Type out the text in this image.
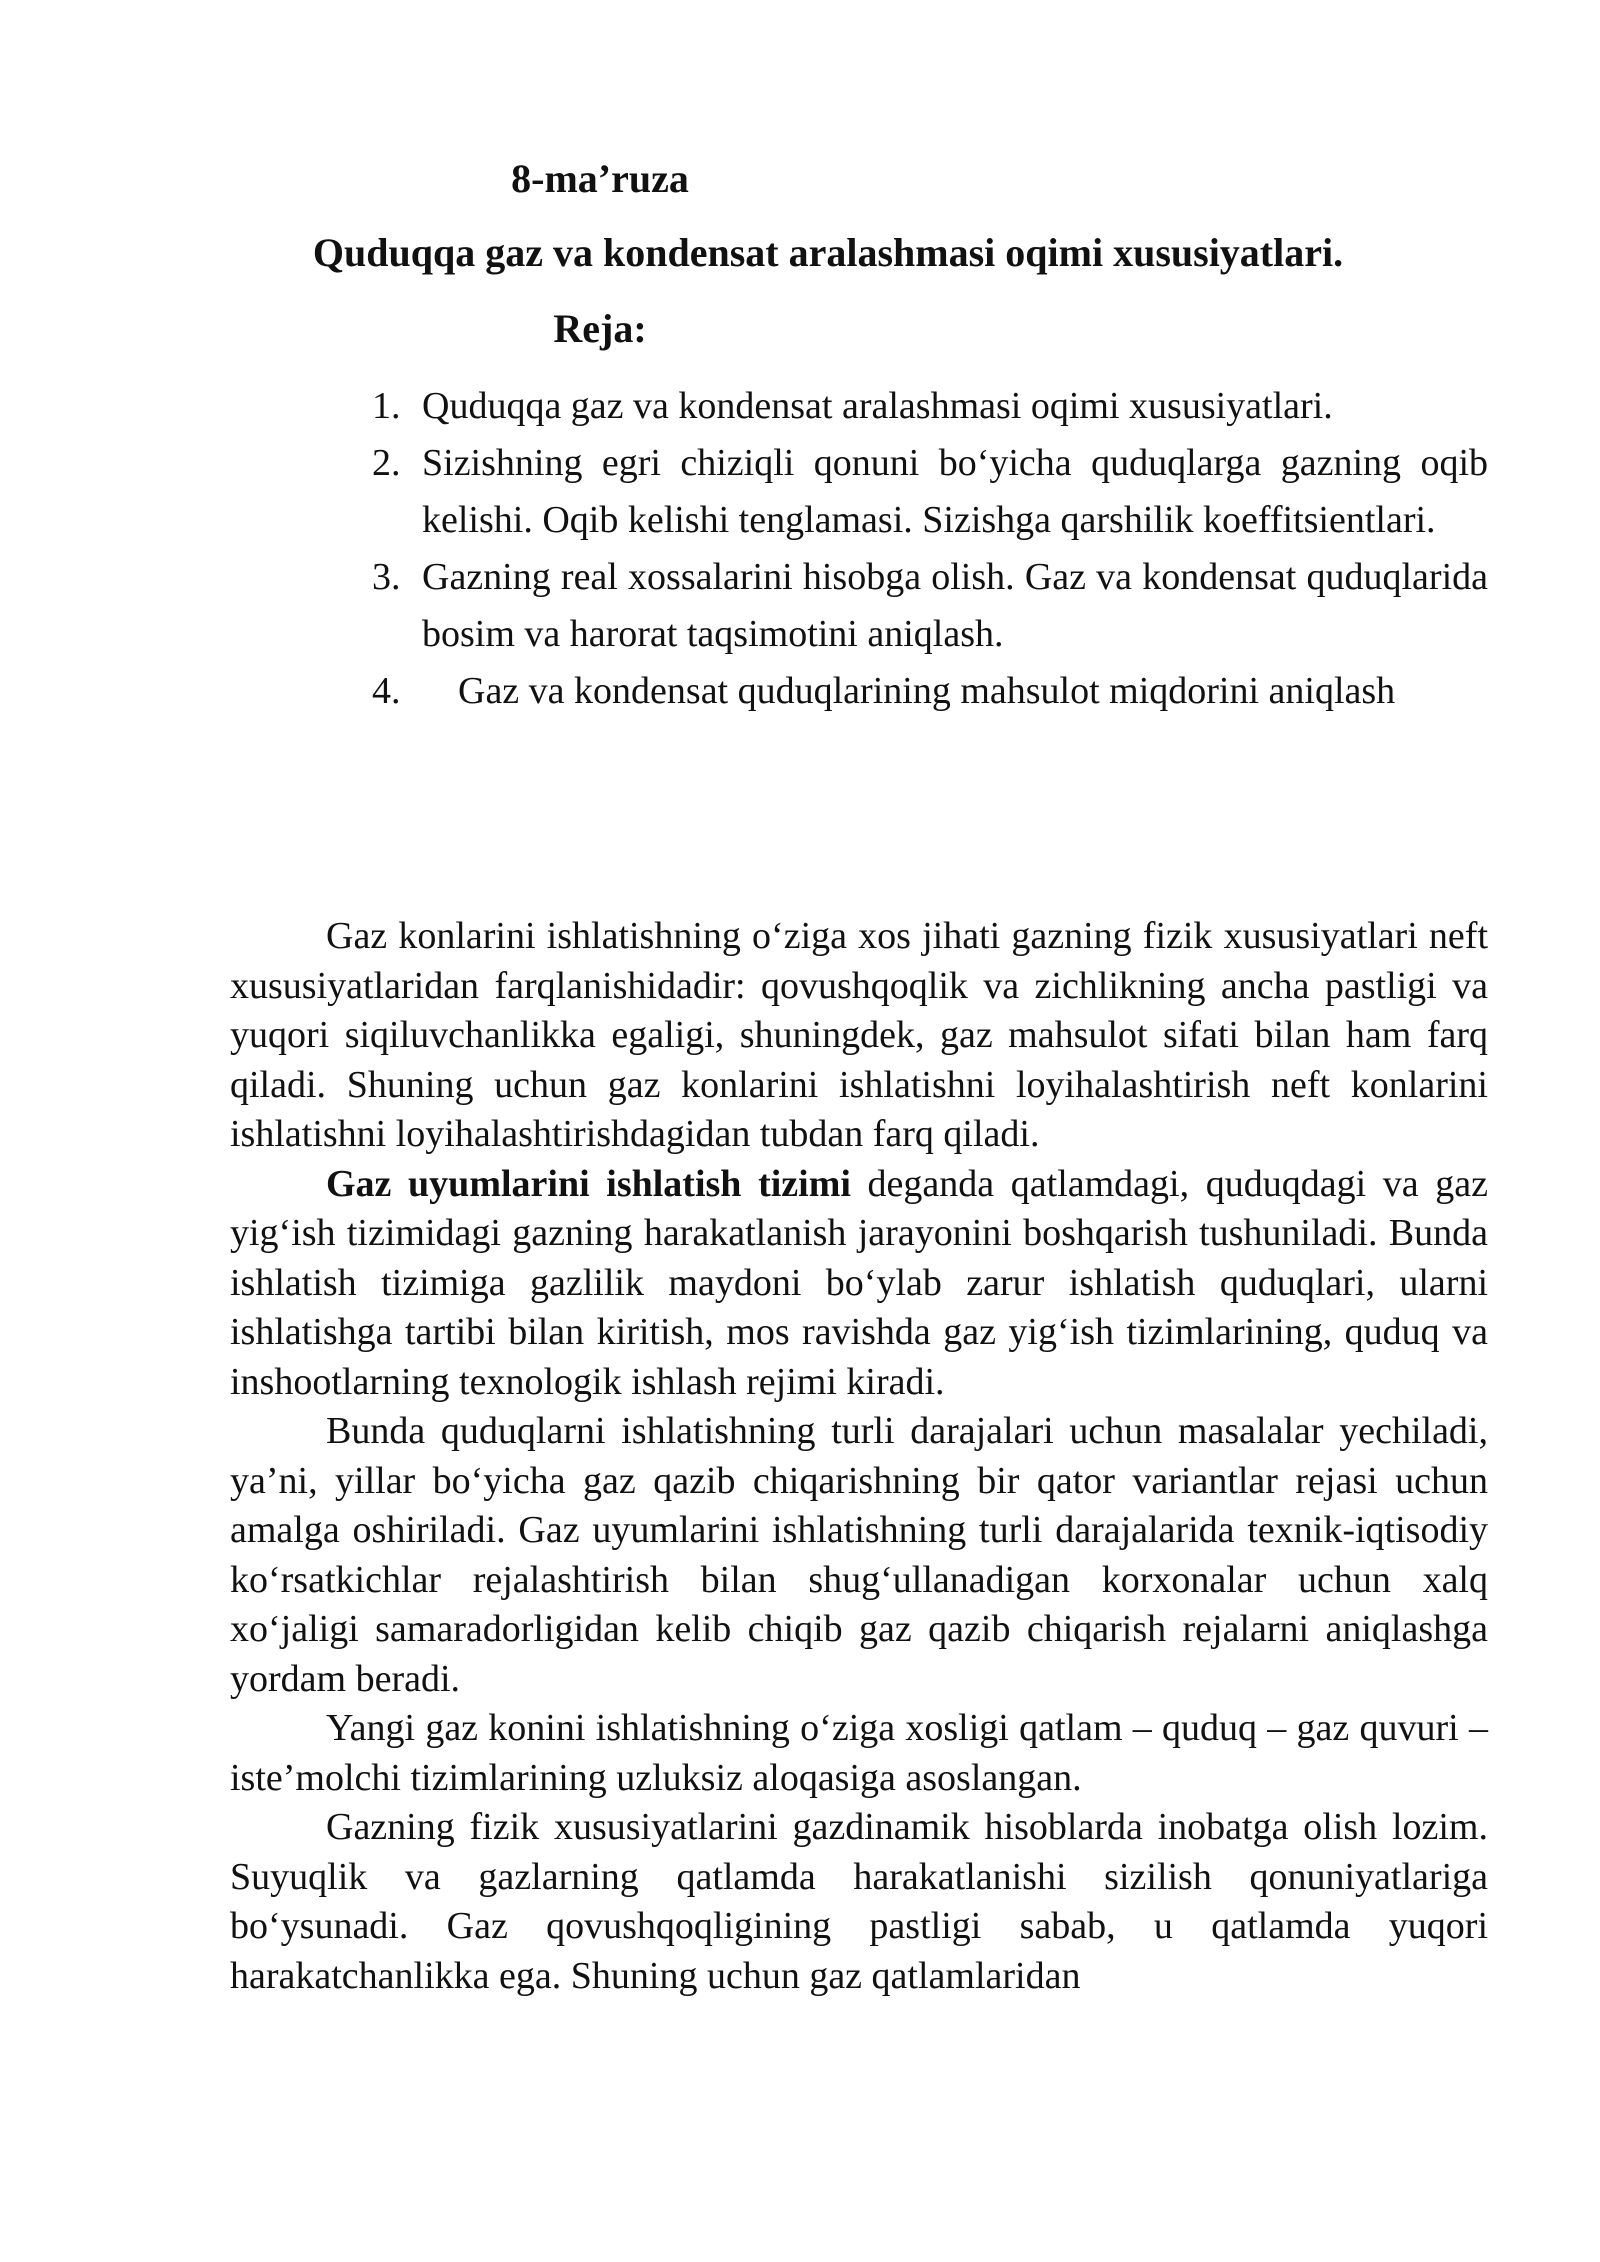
8-ma’ruza

Quduqqa gaz va kondensat aralashmasi oqimi xususiyatlari.

Reja:

1. Quduqqa gaz va kondensat aralashmasi oqimi xususiyatlari.
2. Sizishning egri chiziqli qonuni bo‘yicha quduqlarga gazning oqib kelishi. Oqib kelishi tenglamasi. Sizishga qarshilik koeffitsientlari.
3. Gazning real xossalarini hisobga olish. Gaz va kondensat quduqlarida bosim va harorat taqsimotini aniqlash.
4. Gaz va kondensat quduqlarining mahsulot miqdorini aniqlash

Gaz konlarini ishlatishning o‘ziga xos jihati gazning fizik xususiyatlari neft xususiyatlaridan farqlanishidadir: qovushqoqlik va zichlikning ancha pastligi va yuqori siqiluvchanlikka egaligi, shuningdek, gaz mahsulot sifati bilan ham farq qiladi. Shuning uchun gaz konlarini ishlatishni loyihalashtirish neft konlarini ishlatishni loyihalashtirishdagidan tubdan farq qiladi.

Gaz uyumlarini ishlatish tizimi deganda qatlamdagi, quduqdagi va gaz yig‘ish tizimidagi gazning harakatlanish jarayonini boshqarish tushuniladi. Bunda ishlatish tizimiga gazlilik maydoni bo‘ylab zarur ishlatish quduqlari, ularni ishlatishga tartibi bilan kiritish, mos ravishda gaz yig‘ish tizimlarining, quduq va inshootlarning texnologik ishlash rejimi kiradi.

Bunda quduqlarni ishlatishning turli darajalari uchun masalalar yechiladi, ya’ni, yillar bo‘yicha gaz qazib chiqarishning bir qator variantlar rejasi uchun amalga oshiriladi. Gaz uyumlarini ishlatishning turli darajalarida texnik-iqtisodiy ko‘rsatkichlar rejalashtirish bilan shug‘ullanadigan korxonalar uchun xalq xo‘jaligi samaradorligidan kelib chiqib gaz qazib chiqarish rejalarni aniqlashga yordam beradi.

Yangi gaz konini ishlatishning o‘ziga xosligi qatlam – quduq – gaz quvuri – iste’molchi tizimlarining uzluksiz aloqasiga asoslangan.

Gazning fizik xususiyatlarini gazdinamik hisoblarda inobatga olish lozim. Suyuqlik va gazlarning qatlamda harakatlanishi sizilish qonuniyatlariga bo‘ysunadi. Gaz qovushqoqligining pastligi sabab, u qatlamda yuqori harakatchanlikka ega. Shuning uchun gaz qatlamlaridan
